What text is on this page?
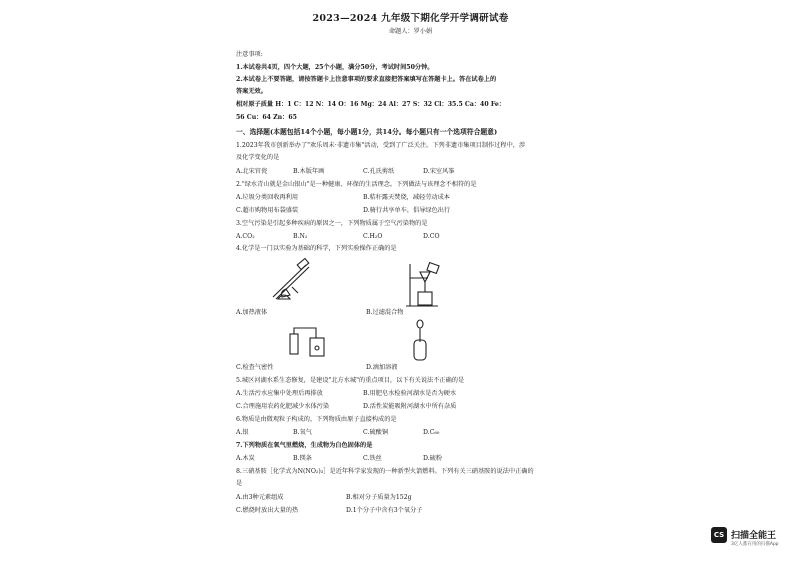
2023—2024 九年级下期化学开学调研试卷
命题人：罗小娟
注意事项:
1.本试卷共4页，四个大题，25个小题，满分50分，考试时间50分钟。
2.本试卷上不要答题，请按答题卡上注意事项的要求直接把答案填写在答题卡上。答在试卷上的
答案无效。
相对原子质量 H：1 C：12 N：14 O：16 Mg：24 Al：27 S：32 Cl：35.5 Ca：40 Fe：
56 Cu：64 Zn：65
一、选择题(本题包括14个小题，每小题1分，共14分。每小题只有一个选项符合题意)
1.2023年我市创新举办了"欢乐周末·非遗市集"活动，受到了广泛关注。下列非遗市集项目制作过程中，涉
及化学变化的是
A.北宋官瓷	B.木版年画	C.孔氏剪纸	D.宋室风筝
2."绿水青山就是金山银山"是一种健康、环保的生活理念。下列做法与该理念不相符的是
A.垃圾分类回收再利用	B.秸秆露天焚烧，减轻劳动成本
C.超市购物用布袋盛装	D.骑行共享单车，倡导绿色出行
3.空气污染是引起多种疾病的原因之一，下列物质属于空气污染物的是
A.CO₂	B.N₂	C.H₂O	D.CO
4.化学是一门以实验为基础的科学，下列实验操作正确的是
A.加热液体	B.过滤混合物
C.检查气密性	D.滴加溶液
5.城区河湖水系生态修复，是建设"北方水城"的重点项目，以下有关说法不正确的是
A.生活污水应集中处理后再排放	B.用肥皂水检验河湖水是否为硬水
C.合理施用农药化肥减少水体污染	D.活性炭能吸附河湖水中所有杂质
6.物质是由微观粒子构成的，下列物质由原子直接构成的是
A.银	B.氧气	C.硫酸铜	D.C₆₀
7.下列物质在氧气里燃烧，生成物为白色固体的是
A.木炭	B.镁条	C.铁丝	D.硫粉
8.三硝基胺［化学式为N(NO₂)₃］是近年科学家发现的一种新型火箭燃料。下列有关三硝基胺的说法中正确的
是
A.由3种元素组成	B.相对分子质量为152g
C.燃烧时放出大量的热	D.1个分子中含有3个氧分子
CS 扫描全能王
3亿人都在用的扫描App
